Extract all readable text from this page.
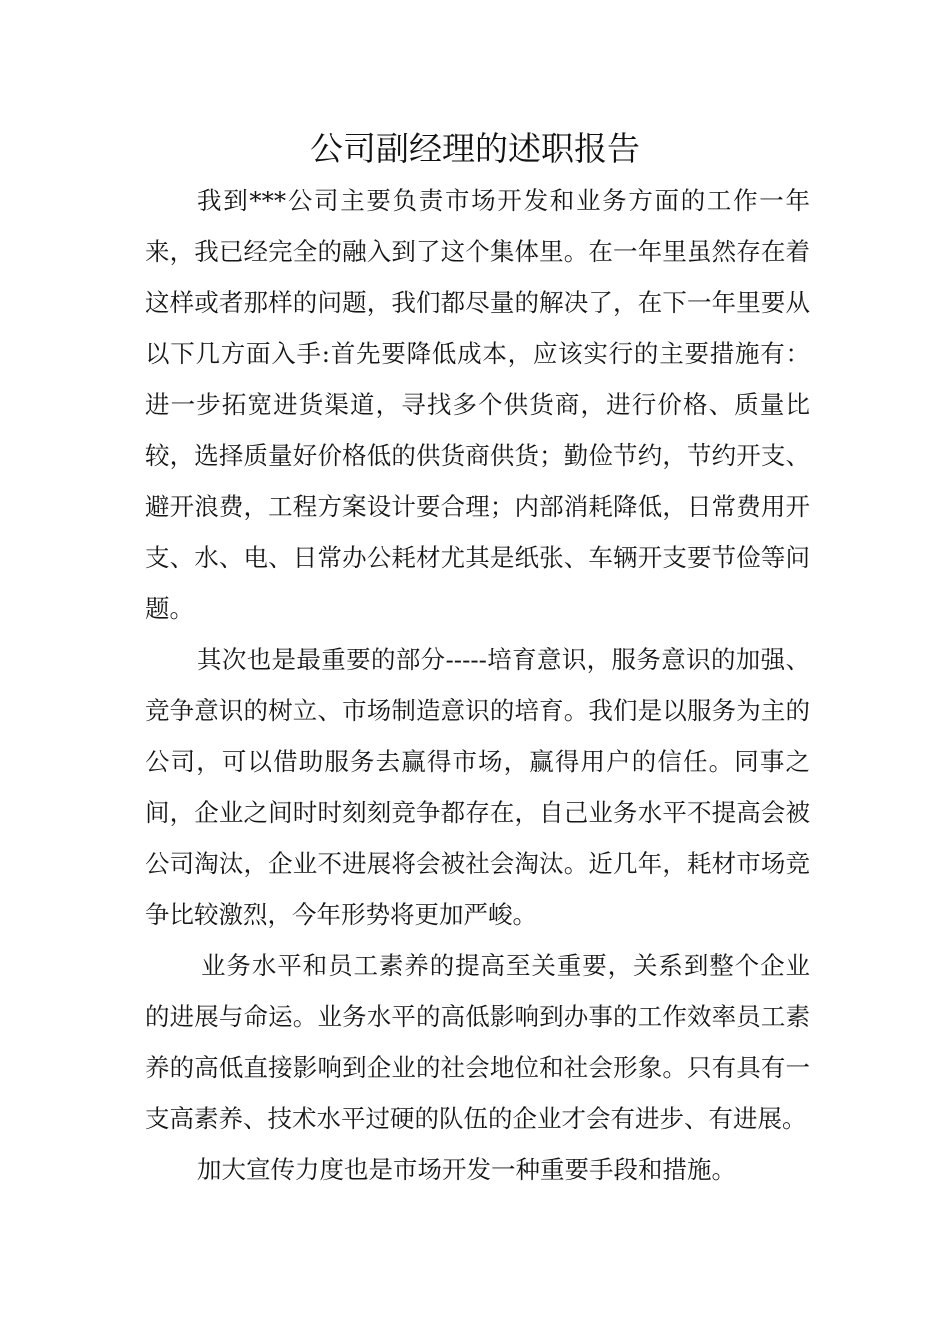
公司副经理的述职报告

我到***公司主要负责市场开发和业务方面的工作一年来，我已经完全的融入到了这个集体里。在一年里虽然存在着这样或者那样的问题，我们都尽量的解决了，在下一年里要从以下几方面入手:首先要降低成本，应该实行的主要措施有：进一步拓宽进货渠道，寻找多个供货商，进行价格、质量比较，选择质量好价格低的供货商供货；勤俭节约，节约开支、避开浪费，工程方案设计要合理；内部消耗降低，日常费用开支、水、电、日常办公耗材尤其是纸张、车辆开支要节俭等问题。

其次也是最重要的部分-----培育意识，服务意识的加强、竞争意识的树立、市场制造意识的培育。我们是以服务为主的公司，可以借助服务去赢得市场，赢得用户的信任。同事之间，企业之间时时刻刻竞争都存在，自己业务水平不提高会被公司淘汰，企业不进展将会被社会淘汰。近几年，耗材市场竞争比较激烈，今年形势将更加严峻。

业务水平和员工素养的提高至关重要，关系到整个企业的进展与命运。业务水平的高低影响到办事的工作效率员工素养的高低直接影响到企业的社会地位和社会形象。只有具有一支高素养、技术水平过硬的队伍的企业才会有进步、有进展。

加大宣传力度也是市场开发一种重要手段和措施。
